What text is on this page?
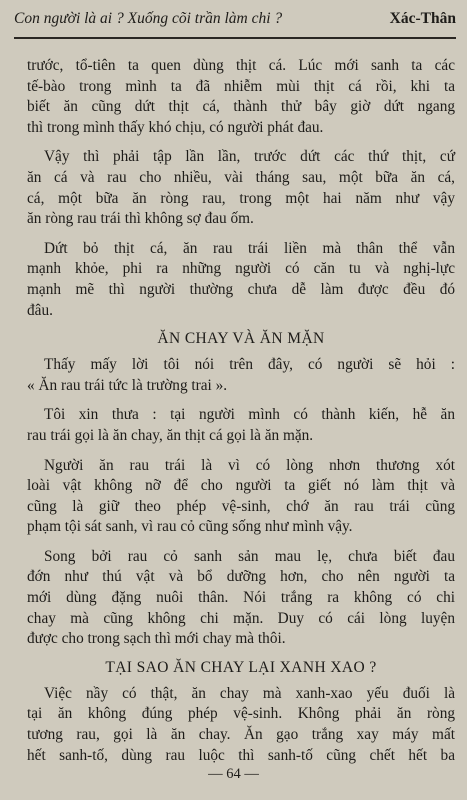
Con người là ai ? Xuống cõi trần làm chi ?	Xác-Thân
trước, tổ-tiên ta quen dùng thịt cá. Lúc mới sanh ta các
tế-bào trong mình ta đã nhiễm mùi thịt cá rồi, khi ta
biết ăn cũng dứt thịt cá, thành thử bây giờ dứt ngang
thì trong mình thấy khó chịu, có người phát đau.
Vậy thì phải tập lần lần, trước dứt các thứ thịt, cứ
ăn cá và rau cho nhiều, vài tháng sau, một bữa ăn cá,
cá, một bữa ăn ròng rau, trong một hai năm như vậy
ăn ròng rau trái thì không sợ đau ốm.
Dứt bỏ thịt cá, ăn rau trái liền mà thân thể vẫn
mạnh khỏe, phi ra những người có căn tu và nghị-lực
mạnh mẽ thì người thường chưa dễ làm được đều đó
đâu.
ĂN CHAY VÀ ĂN MẶN
Thấy mấy lời tôi nói trên đây, có người sẽ hỏi :
« Ăn rau trái tức là trường trai ».
Tôi xin thưa : tại người mình có thành kiến, hễ ăn
rau trái gọi là ăn chay, ăn thịt cá gọi là ăn mặn.
Người ăn rau trái là vì có lòng nhơn thương xót
loài vật không nỡ để cho người ta giết nó làm thịt và
cũng là giữ theo phép vệ-sinh, chớ ăn rau trái cũng
phạm tội sát sanh, vì rau cỏ cũng sống như mình vậy.
Song bởi rau cỏ sanh sản mau lẹ, chưa biết đau
đớn như thú vật và bổ dưỡng hơn, cho nên người ta
mới dùng đặng nuôi thân. Nói trắng ra không có chi
chay mà cũng không chi mặn. Duy có cái lòng luyện
được cho trong sạch thì mới chay mà thôi.
TẠI SAO ĂN CHAY LẠI XANH XAO ?
Việc nầy có thật, ăn chay mà xanh-xao yếu đuối là
tại ăn không đúng phép vệ-sinh. Không phải ăn ròng
tương rau, gọi là ăn chay. Ăn gạo trắng xay máy mất
hết sanh-tố, dùng rau luộc thì sanh-tố cũng chết hết ba
— 64 —
